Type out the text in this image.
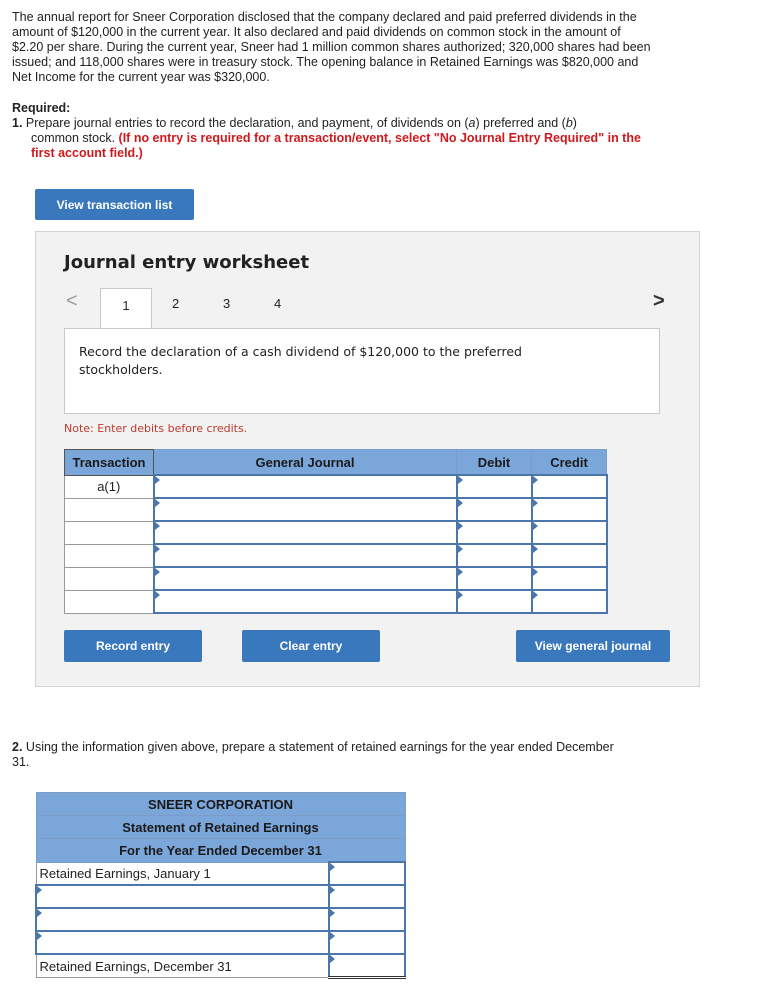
The annual report for Sneer Corporation disclosed that the company declared and paid preferred dividends in the amount of $120,000 in the current year. It also declared and paid dividends on common stock in the amount of $2.20 per share. During the current year, Sneer had 1 million common shares authorized; 320,000 shares had been issued; and 118,000 shares were in treasury stock. The opening balance in Retained Earnings was $820,000 and Net Income for the current year was $320,000.
Required:
1. Prepare journal entries to record the declaration, and payment, of dividends on (a) preferred and (b)
common stock. (If no entry is required for a transaction/event, select "No Journal Entry Required" in the first account field.)
View transaction list
Journal entry worksheet
<	1	2	3	4	>
Record the declaration of a cash dividend of $120,000 to the preferred stockholders.
Note: Enter debits before credits.
Transaction	General Journal	Debit	Credit
a(1)			

Record entry	Clear entry	View general journal
2. Using the information given above, prepare a statement of retained earnings for the year ended December 31.
SNEER CORPORATION	
Statement of Retained Earnings	
For the Year Ended December 31	
Retained Earnings, January 1	

Retained Earnings, December 31	
